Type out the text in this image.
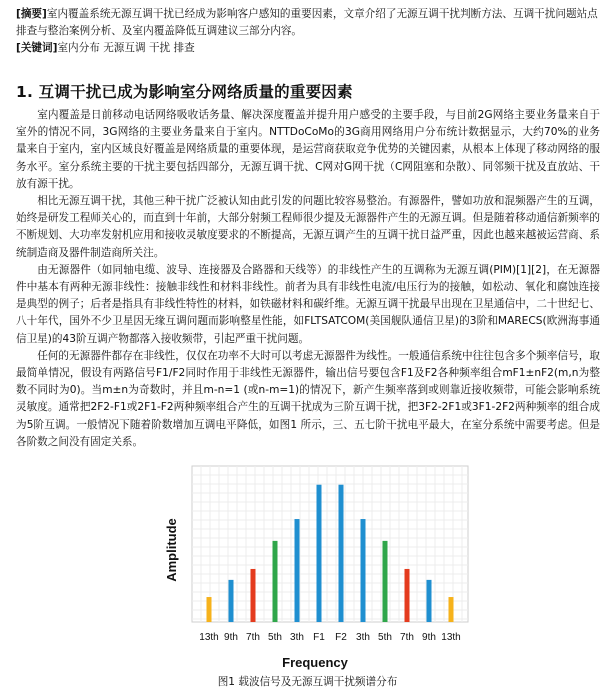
[摘要]室内覆盖系统无源互调干扰已经成为影响客户感知的重要因素，文章介绍了无源互调干扰判断方法、互调干扰问题站点排查与整治案例分析、及室内覆盖降低互调建议三部分内容。
[关键词]室内分布 无源互调 干扰 排查
1. 互调干扰已成为影响室分网络质量的重要因素

室内覆盖是日前移动电话网络吸收话务量、解决深度覆盖并提升用户感受的主要手段，与目前2G网络主要业务量来自于室外的情况不同，3G网络的主要业务量来自于室内。NTTDoCoMo的3G商用网络用户分布统计数据显示，大约70%的业务量来自于室内，室内区域良好覆盖是网络质量的重要体现，是运营商获取竞争优势的关键因素，从根本上体现了移动网络的服务水平。室分系统主要的干扰主要包括四部分，无源互调干扰、C网对G网干扰（C网阻塞和杂散）、同邻频干扰及直放站、干放有源干扰。

相比无源互调干扰，其他三种干扰广泛被认知由此引发的问题比较容易整治。有源器件，譬如功放和混频器产生的互调，始终是研发工程师关心的，而直到十年前，大部分射频工程师很少提及无源器件产生的无源互调。但是随着移动通信新频率的不断规划、大功率发射机应用和接收灵敏度要求的不断提高，无源互调产生的互调干扰日益严重，因此也越来越被运营商、系统制造商及器件制造商所关注。

由无源器件（如同轴电缆、波导、连接器及合路器和天线等）的非线性产生的互调称为无源互调(PIM)[1][2]，在无源器件中基本有两种无源非线性：接触非线性和材料非线性。前者为具有非线性电流/电压行为的接触，如松动、氧化和腐蚀连接是典型的例子；后者是指具有非线性特性的材料，如铁磁材料和碳纤维。无源互调干扰最早出现在卫星通信中，二十世纪七、八十年代，国外不少卫星因无缘互调问题而影响整星性能，如FLTSATCOM(美国舰队通信卫星)的3阶和MARECS(欧洲海事通信卫星)的43阶互调产物都落入接收频带，引起严重干扰问题。

任何的无源器件都存在非线性，仅仅在功率不大时可以考虑无源器件为线性。一般通信系统中往往包含多个频率信号，取最简单情况，假设有两路信号F1/F2同时作用于非线性无源器件，输出信号要包含F1及F2各种频率组合mF1±nF2(m,n为整数不同时为0)。当m±n为奇数时，并且m-n=1 (或n-m=1)的情况下，新产生频率落到或则靠近接收频带，可能会影响系统灵敏度。通常把2F2-F1或2F1-F2两种频率组合产生的互调干扰成为三阶互调干扰，把3F2-2F1或3F1-2F2两种频率的组合成为5阶互调。一般情况下随着阶数增加互调电平降低，如图1 所示，三、五七阶干扰电平最大，在室分系统中需要考虑。但是各阶数之间没有固定关系。

13th 9th 7th 5th 3th F1 F2 3th 5th 7th 9th 13th
Amplitude
Frequency
图1 载波信号及无源互调干扰频谱分布
